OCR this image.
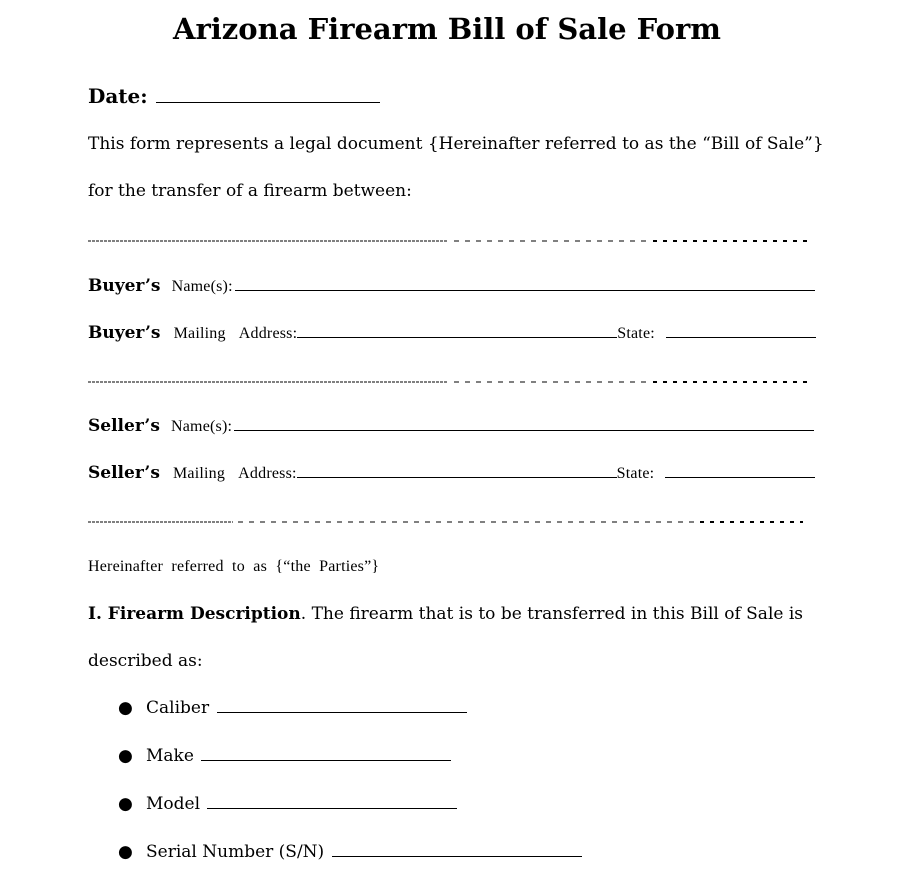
Arizona Firearm Bill of Sale Form
Date:
This form represents a legal document {Hereinafter referred to as the “Bill of Sale”}
for the transfer of a firearm between:
Buyer’s Name(s):
Buyer’s Mailing Address:	State:
Seller’s Name(s):
Seller’s Mailing Address:	State:
Hereinafter  referred  to  as  {“the  Parties”}
I. Firearm Description. The firearm that is to be transferred in this Bill of Sale is
described as:
● Caliber
● Make
● Model
● Serial Number (S/N)
